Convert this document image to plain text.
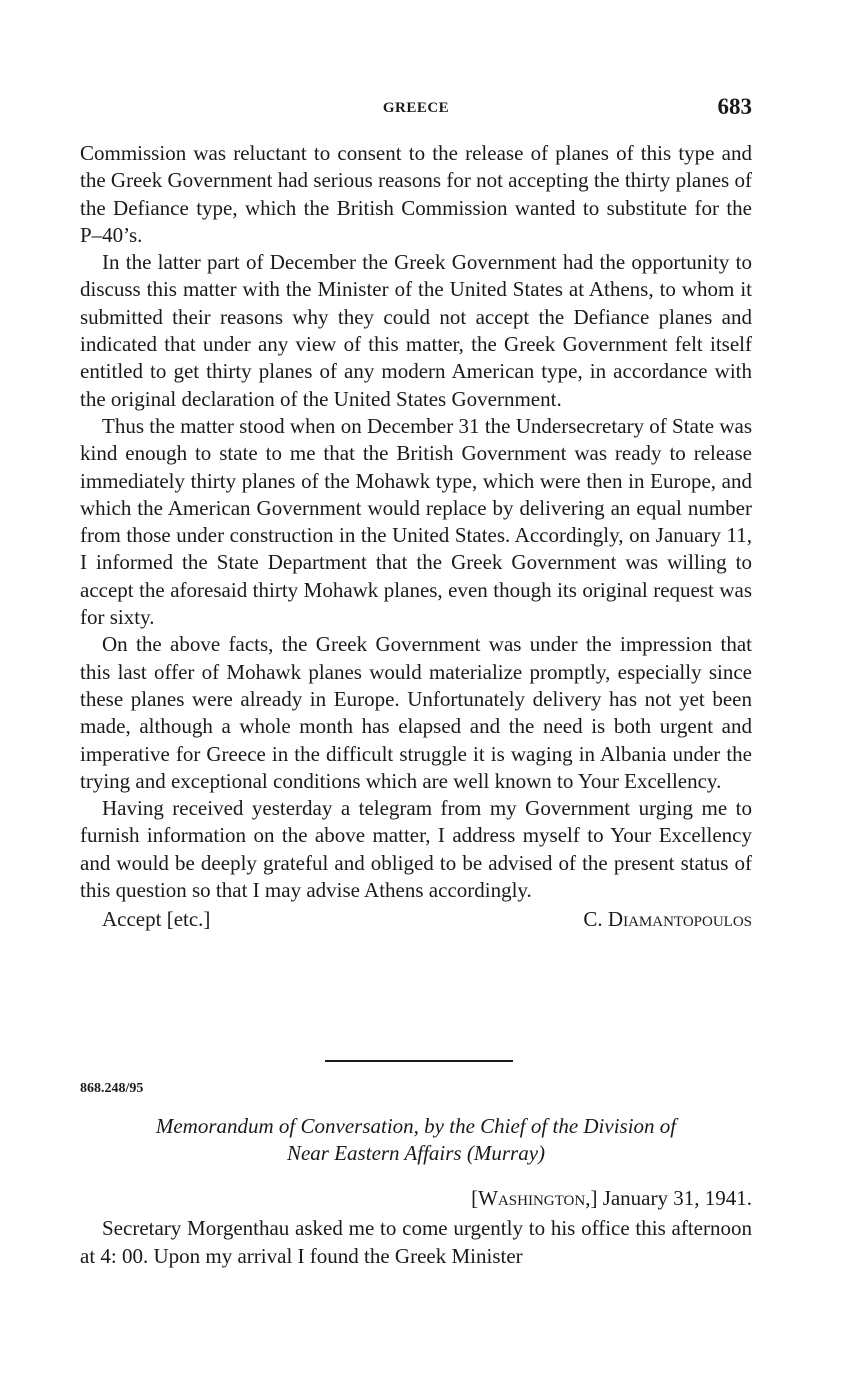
GREECE	683

Commission was reluctant to consent to the release of planes of this type and the Greek Government had serious reasons for not accepting the thirty planes of the Defiance type, which the British Commission wanted to substitute for the P–40’s.

In the latter part of December the Greek Government had the opportunity to discuss this matter with the Minister of the United States at Athens, to whom it submitted their reasons why they could not accept the Defiance planes and indicated that under any view of this matter, the Greek Government felt itself entitled to get thirty planes of any modern American type, in accordance with the original declaration of the United States Government.

Thus the matter stood when on December 31 the Undersecretary of State was kind enough to state to me that the British Government was ready to release immediately thirty planes of the Mohawk type, which were then in Europe, and which the American Government would replace by delivering an equal number from those under construction in the United States. Accordingly, on January 11, I informed the State Department that the Greek Government was willing to accept the aforesaid thirty Mohawk planes, even though its original request was for sixty.

On the above facts, the Greek Government was under the impression that this last offer of Mohawk planes would materialize promptly, especially since these planes were already in Europe. Unfortunately delivery has not yet been made, although a whole month has elapsed and the need is both urgent and imperative for Greece in the difficult struggle it is waging in Albania under the trying and exceptional conditions which are well known to Your Excellency.

Having received yesterday a telegram from my Government urging me to furnish information on the above matter, I address myself to Your Excellency and would be deeply grateful and obliged to be advised of the present status of this question so that I may advise Athens accordingly.

Accept [etc.]	C. Diamantopoulos
868.248/95
Memorandum of Conversation, by the Chief of the Division of
Near Eastern Affairs (Murray)
[Washington,] January 31, 1941.

Secretary Morgenthau asked me to come urgently to his office this afternoon at 4: 00. Upon my arrival I found the Greek Minister
